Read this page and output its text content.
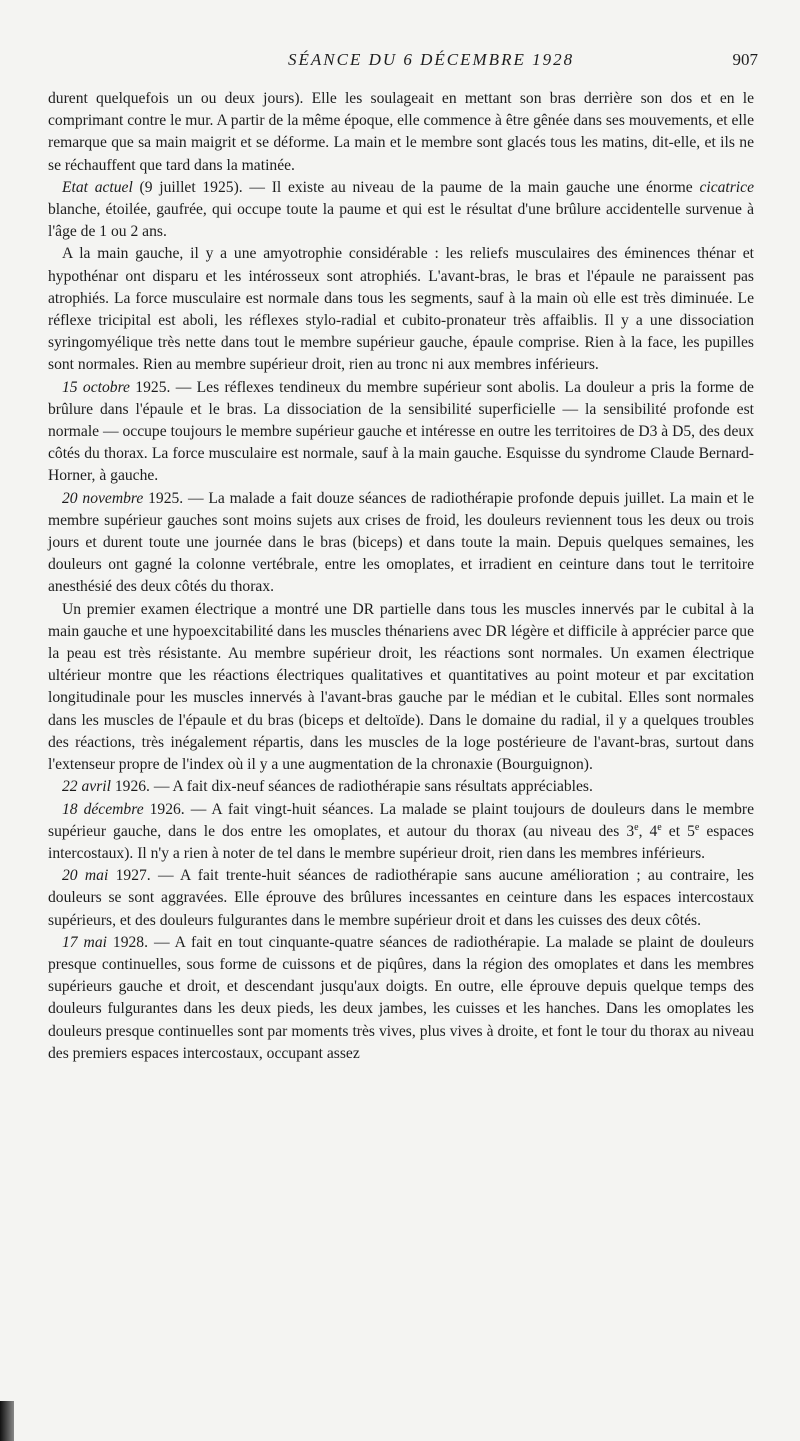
SÉANCE DU 6 DÉCEMBRE 1928	907

durent quelquefois un ou deux jours). Elle les soulageait en mettant son bras derrière son dos et en le comprimant contre le mur. A partir de la même époque, elle commence à être gênée dans ses mouvements, et elle remarque que sa main maigrit et se déforme. La main et le membre sont glacés tous les matins, dit-elle, et ils ne se réchauffent que tard dans la matinée.

Etat actuel (9 juillet 1925). — Il existe au niveau de la paume de la main gauche une énorme cicatrice blanche, étoilée, gaufrée, qui occupe toute la paume et qui est le résultat d'une brûlure accidentelle survenue à l'âge de 1 ou 2 ans.

A la main gauche, il y a une amyotrophie considérable : les reliefs musculaires des éminences thénar et hypothénar ont disparu et les intérosseux sont atrophiés. L'avant-bras, le bras et l'épaule ne paraissent pas atrophiés. La force musculaire est normale dans tous les segments, sauf à la main où elle est très diminuée. Le réflexe tricipital est aboli, les réflexes stylo-radial et cubito-pronateur très affaiblis. Il y a une dissociation syringomyélique très nette dans tout le membre supérieur gauche, épaule comprise. Rien à la face, les pupilles sont normales. Rien au membre supérieur droit, rien au tronc ni aux membres inférieurs.

15 octobre 1925. — Les réflexes tendineux du membre supérieur sont abolis. La douleur a pris la forme de brûlure dans l'épaule et le bras. La dissociation de la sensibilité superficielle — la sensibilité profonde est normale — occupe toujours le membre supérieur gauche et intéresse en outre les territoires de D3 à D5, des deux côtés du thorax. La force musculaire est normale, sauf à la main gauche. Esquisse du syndrome Claude Bernard-Horner, à gauche.

20 novembre 1925. — La malade a fait douze séances de radiothérapie profonde depuis juillet. La main et le membre supérieur gauches sont moins sujets aux crises de froid, les douleurs reviennent tous les deux ou trois jours et durent toute une journée dans le bras (biceps) et dans toute la main. Depuis quelques semaines, les douleurs ont gagné la colonne vertébrale, entre les omoplates, et irradient en ceinture dans tout le territoire anesthésié des deux côtés du thorax.

Un premier examen électrique a montré une DR partielle dans tous les muscles innervés par le cubital à la main gauche et une hypoexcitabilité dans les muscles thénariens avec DR légère et difficile à apprécier parce que la peau est très résistante. Au membre supérieur droit, les réactions sont normales. Un examen électrique ultérieur montre que les réactions électriques qualitatives et quantitatives au point moteur et par excitation longitudinale pour les muscles innervés à l'avant-bras gauche par le médian et le cubital. Elles sont normales dans les muscles de l'épaule et du bras (biceps et deltoïde). Dans le domaine du radial, il y a quelques troubles des réactions, très inégalement répartis, dans les muscles de la loge postérieure de l'avant-bras, surtout dans l'extenseur propre de l'index où il y a une augmentation de la chronaxie (Bourguignon).

22 avril 1926. — A fait dix-neuf séances de radiothérapie sans résultats appréciables.

18 décembre 1926. — A fait vingt-huit séances. La malade se plaint toujours de douleurs dans le membre supérieur gauche, dans le dos entre les omoplates, et autour du thorax (au niveau des 3e, 4e et 5e espaces intercostaux). Il n'y a rien à noter de tel dans le membre supérieur droit, rien dans les membres inférieurs.

20 mai 1927. — A fait trente-huit séances de radiothérapie sans aucune amélioration ; au contraire, les douleurs se sont aggravées. Elle éprouve des brûlures incessantes en ceinture dans les espaces intercostaux supérieurs, et des douleurs fulgurantes dans le membre supérieur droit et dans les cuisses des deux côtés.

17 mai 1928. — A fait en tout cinquante-quatre séances de radiothérapie. La malade se plaint de douleurs presque continuelles, sous forme de cuissons et de piqûres, dans la région des omoplates et dans les membres supérieurs gauche et droit, et descendant jusqu'aux doigts. En outre, elle éprouve depuis quelque temps des douleurs fulgurantes dans les deux pieds, les deux jambes, les cuisses et les hanches. Dans les omoplates les douleurs presque continuelles sont par moments très vives, plus vives à droite, et font le tour du thorax au niveau des premiers espaces intercostaux, occupant assez
